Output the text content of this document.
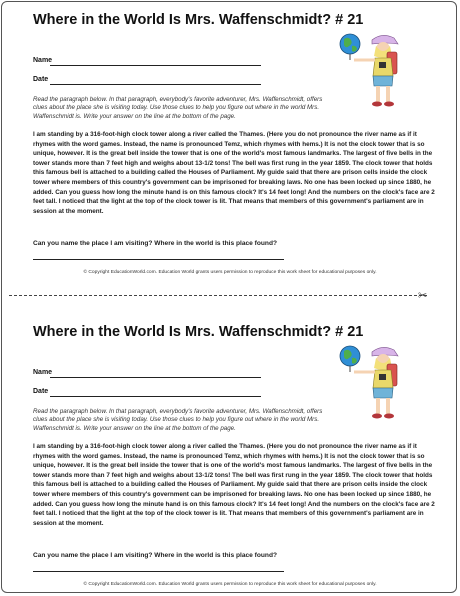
Where in the World Is Mrs. Waffenschmidt? # 21
Name
Date
Read the paragraph below. In that paragraph, everybody's favorite adventurer, Mrs. Waffenschmidt, offers clues about the place she is visiting today. Use those clues to help you figure out where in the world Mrs. Waffenschmidt is. Write your answer on the line at the bottom of the page.
I am standing by a 316-foot-high clock tower along a river called the Thames. (Here you do not pronounce the river name as if it rhymes with the word games. Instead, the name is pronounced Temz, which rhymes with hems.) It is not the clock tower that is so unique, however. It is the great bell inside the tower that is one of the world's most famous landmarks. The largest of five bells in the tower stands more than 7 feet high and weighs about 13-1/2 tons! The bell was first rung in the year 1859. The clock tower that holds this famous bell is attached to a building called the Houses of Parliament. My guide said that there are prison cells inside the clock tower where members of this country's government can be imprisoned for breaking laws. No one has been locked up since 1880, he added. Can you guess how long the minute hand is on this famous clock? It's 14 feet long! And the numbers on the clock's face are 2 feet tall. I noticed that the light at the top of the clock tower is lit. That means that members of this government's parliament are in session at the moment.
Can you name the place I am visiting? Where in the world is this place found?
© Copyright EducationWorld.com. Education World grants users permission to reproduce this work sheet for educational purposes only.
✂
Where in the World Is Mrs. Waffenschmidt? # 21
Name
Date
Read the paragraph below. In that paragraph, everybody's favorite adventurer, Mrs. Waffenschmidt, offers clues about the place she is visiting today. Use those clues to help you figure out where in the world Mrs. Waffenschmidt is. Write your answer on the line at the bottom of the page.
I am standing by a 316-foot-high clock tower along a river called the Thames. (Here you do not pronounce the river name as if it rhymes with the word games. Instead, the name is pronounced Temz, which rhymes with hems.) It is not the clock tower that is so unique, however. It is the great bell inside the tower that is one of the world's most famous landmarks. The largest of five bells in the tower stands more than 7 feet high and weighs about 13-1/2 tons! The bell was first rung in the year 1859. The clock tower that holds this famous bell is attached to a building called the Houses of Parliament. My guide said that there are prison cells inside the clock tower where members of this country's government can be imprisoned for breaking laws. No one has been locked up since 1880, he added. Can you guess how long the minute hand is on this famous clock? It's 14 feet long! And the numbers on the clock's face are 2 feet tall. I noticed that the light at the top of the clock tower is lit. That means that members of this government's parliament are in session at the moment.
Can you name the place I am visiting? Where in the world is this place found?
© Copyright EducationWorld.com. Education World grants users permission to reproduce this work sheet for educational purposes only.
